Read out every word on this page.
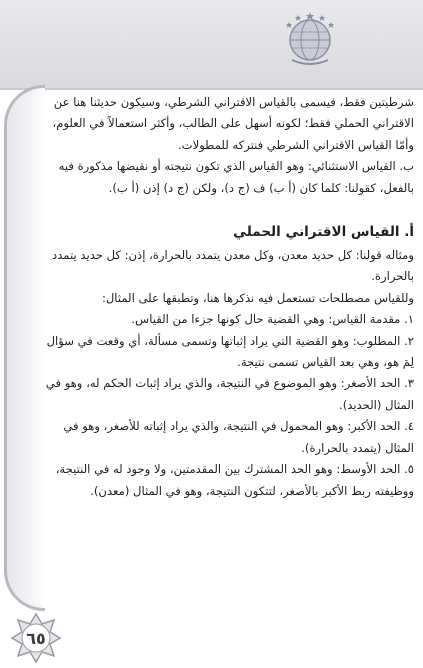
شرطيتين فقط، فيسمى بالقياس الاقتراني الشرطي، وسيكون حديثنا هنا عن الاقتراني الحملي فقط؛ لكونه أسهل على الطالب، وأكثر استعمالاً في العلوم، وأمّا القياس الاقتراني الشرطي فنتركه للمطولات.

ب. القياس الاستثنائي: وهو القياس الذي تكون نتيجته أو نقيضها مذكورة فيه بالفعل، كقولنا: كلما كان (أ ب) ف (ج د)، ولكن (ج د) إذن (أ ب).

أ. القياس الاقتراني الحملي

ومثاله قولنا: كل حديد معدن، وكل معدن يتمدد بالحرارة، إذن: كل حديد يتمدد بالحرارة.

وللقياس مصطلحات تستعمل فيه نذكرها هنا، وتطبقها على المثال:

١. مقدمة القياس: وهي القضية حال كونها جزءا من القياس.

٢. المطلوب: وهو القضية التي يراد إثباتها وتسمى مسألة، أي وقعت في سؤال لِمَ هو، وهي بعد القياس تسمى نتيجة.

٣. الحد الأصغر: وهو الموضوع في النتيجة، والذي يراد إثبات الحكم له، وهو في المثال (الحديد).

٤. الحد الأكبر: وهو المحمول في النتيجة، والذي يراد إثباته للأصغر، وهو في المثال (يتمدد بالحرارة).

٥. الحد الأوسط: وهو الحد المشترك بين المقدمتين، ولا وجود له في النتيجة، ووظيفته ربط الأكبر بالأصغر، لتتكون النتيجة، وهو في المثال (معدن).

٦٥
